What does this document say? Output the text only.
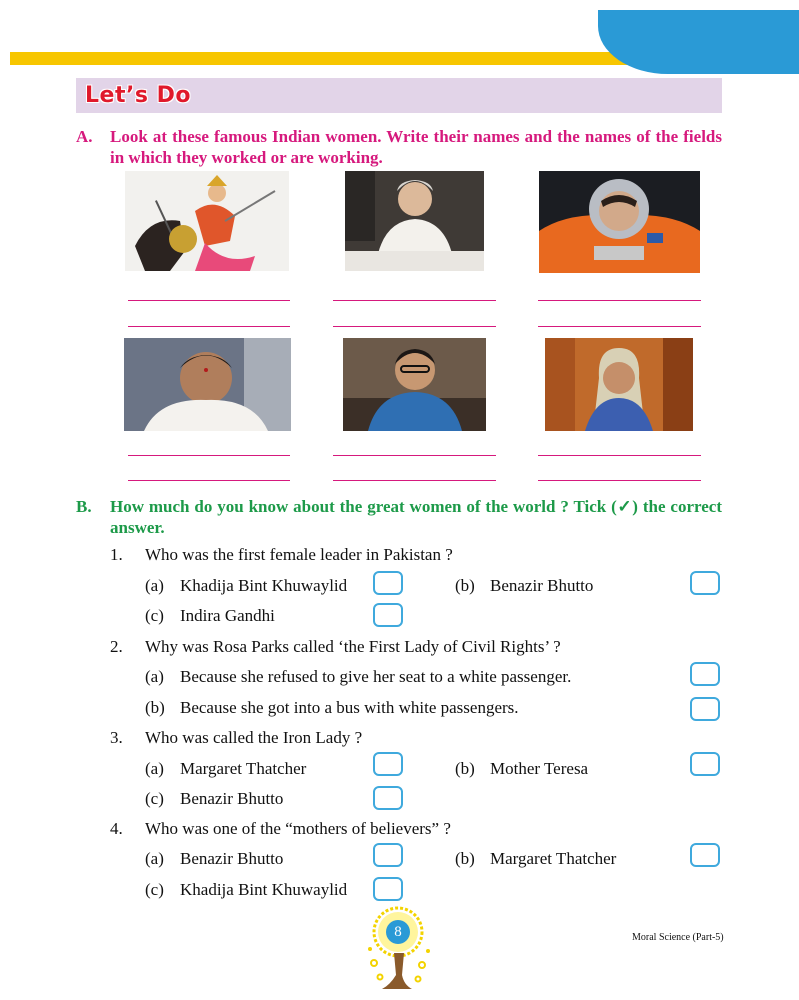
Let’s Do
A. Look at these famous Indian women. Write their names and the names of the fields in which they worked or are working.
B. How much do you know about the great women of the world ? Tick (✓) the correct answer.
1. Who was the first female leader in Pakistan ?
(a) Khadija Bint Khuwaylid	(b) Benazir Bhutto
(c) Indira Gandhi
2. Why was Rosa Parks called ‘the First Lady of Civil Rights’ ?
(a) Because she refused to give her seat to a white passenger.
(b) Because she got into a bus with white passengers.
3. Who was called the Iron Lady ?
(a) Margaret Thatcher	(b) Mother Teresa
(c) Benazir Bhutto
4. Who was one of the “mothers of believers” ?
(a) Benazir Bhutto	(b) Margaret Thatcher
(c) Khadija Bint Khuwaylid
8	Moral Science (Part-5)
